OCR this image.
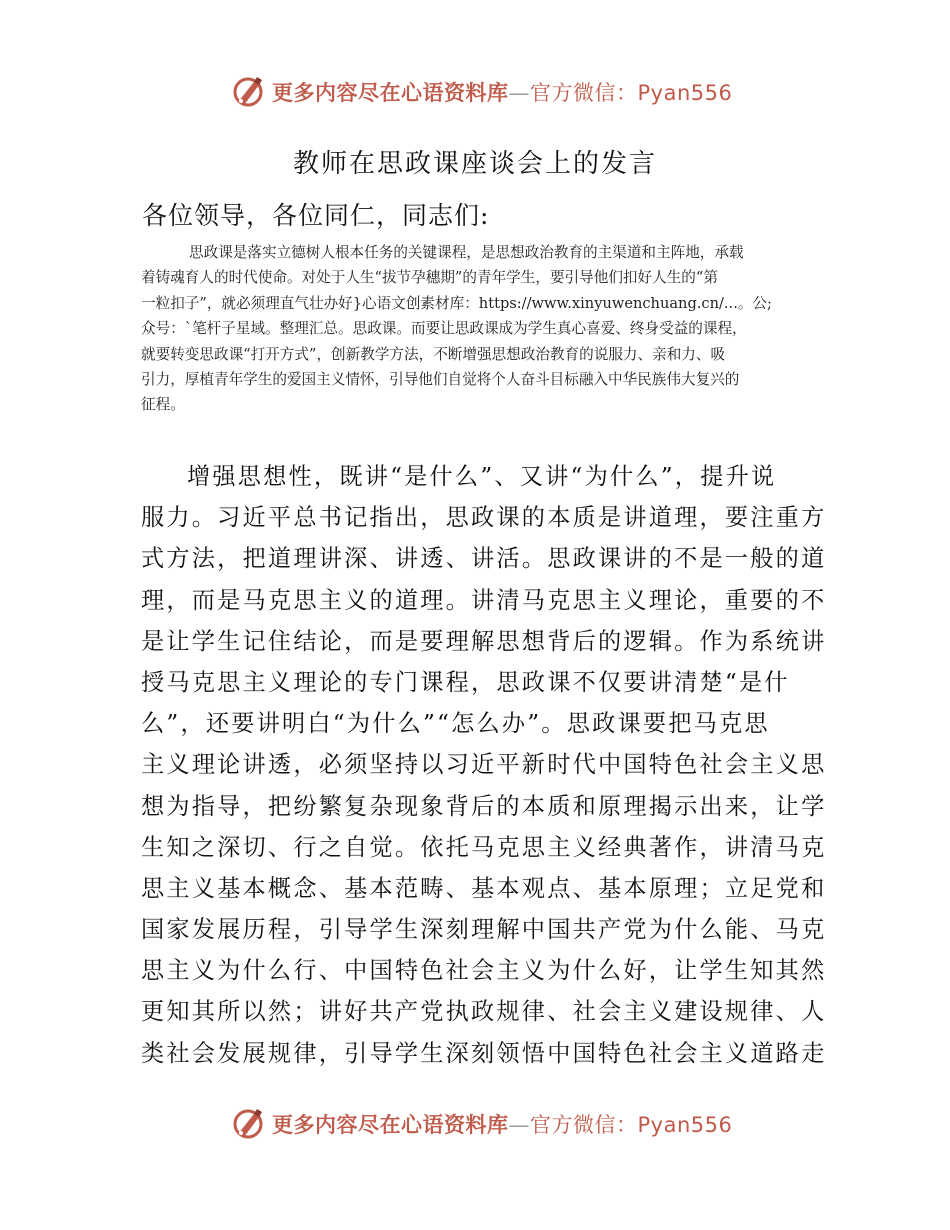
更多内容尽在心语资料库—官方微信：Pyan556
教师在思政课座谈会上的发言
各位领导，各位同仁，同志们:
思政课是落实立德树人根本任务的关键课程，是思想政治教育的主渠道和主阵地，承载
着铸魂育人的时代使命。对处于人生“拔节孕穗期”的青年学生，要引导他们扣好人生的“第
一粒扣子”，就必须理直气壮办好}心语文创素材库：https://www.xinyuwenchuang.cn/...。公;
众号：`笔杆子星域。整理汇总。思政课。而要让思政课成为学生真心喜爱、终身受益的课程，
就要转变思政课“打开方式”，创新教学方法，不断增强思想政治教育的说服力、亲和力、吸
引力，厚植青年学生的爱国主义情怀，引导他们自觉将个人奋斗目标融入中华民族伟大复兴的
征程。
增强思想性，既讲“是什么”、又讲“为什么”，提升说
服力。习近平总书记指出，思政课的本质是讲道理，要注重方
式方法，把道理讲深、讲透、讲活。思政课讲的不是一般的道
理，而是马克思主义的道理。讲清马克思主义理论，重要的不
是让学生记住结论，而是要理解思想背后的逻辑。作为系统讲
授马克思主义理论的专门课程，思政课不仅要讲清楚“是什
么”，还要讲明白“为什么”“怎么办”。思政课要把马克思
主义理论讲透，必须坚持以习近平新时代中国特色社会主义思
想为指导，把纷繁复杂现象背后的本质和原理揭示出来，让学
生知之深切、行之自觉。依托马克思主义经典著作，讲清马克
思主义基本概念、基本范畴、基本观点、基本原理；立足党和
国家发展历程，引导学生深刻理解中国共产党为什么能、马克
思主义为什么行、中国特色社会主义为什么好，让学生知其然
更知其所以然；讲好共产党执政规律、社会主义建设规律、人
类社会发展规律，引导学生深刻领悟中国特色社会主义道路走
更多内容尽在心语资料库—官方微信：Pyan556
